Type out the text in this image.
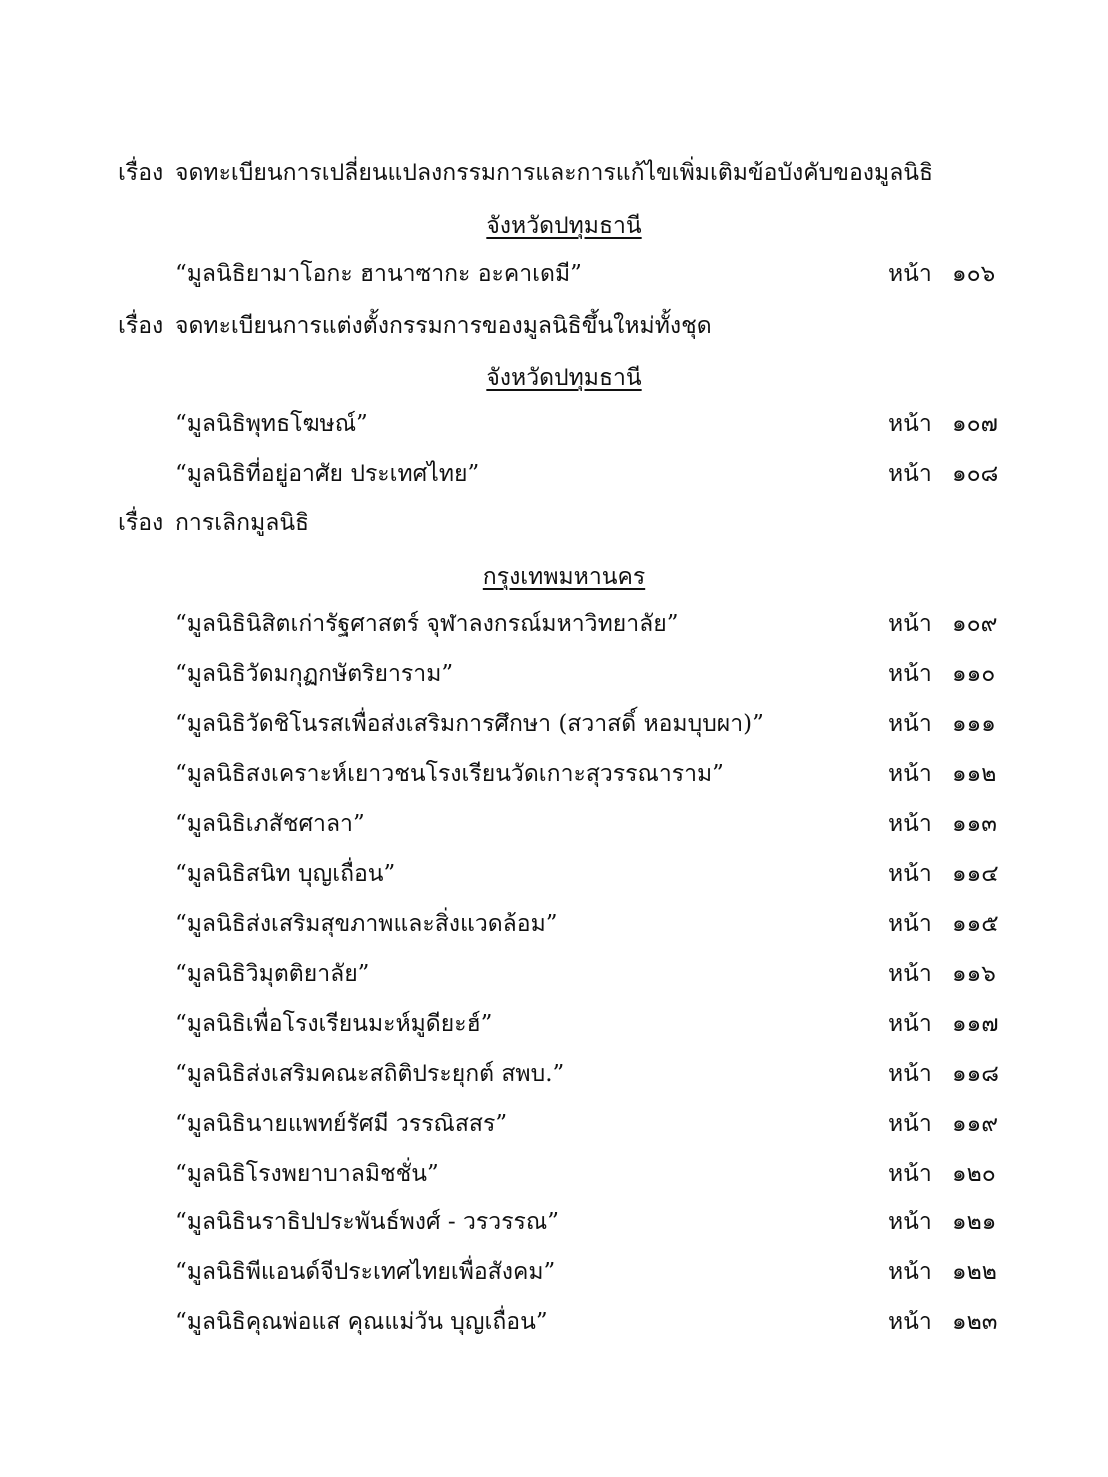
เรื่อง จดทะเบียนการเปลี่ยนแปลงกรรมการและการแก้ไขเพิ่มเติมข้อบังคับของมูลนิธิ
จังหวัดปทุมธานี
“มูลนิธิยามาโอกะ ฮานาซากะ อะคาเดมี”	หน้า ๑๐๖
เรื่อง จดทะเบียนการแต่งตั้งกรรมการของมูลนิธิขึ้นใหม่ทั้งชุด
จังหวัดปทุมธานี
“มูลนิธิพุทธโฆษณ์”	หน้า ๑๐๗
“มูลนิธิที่อยู่อาศัย ประเทศไทย”	หน้า ๑๐๘
เรื่อง การเลิกมูลนิธิ
กรุงเทพมหานคร
“มูลนิธินิสิตเก่ารัฐศาสตร์ จุฬาลงกรณ์มหาวิทยาลัย”	หน้า ๑๐๙
“มูลนิธิวัดมกุฏกษัตริยาราม”	หน้า ๑๑๐
“มูลนิธิวัดชิโนรสเพื่อส่งเสริมการศึกษา (สวาสดิ์ หอมบุบผา)”	หน้า ๑๑๑
“มูลนิธิสงเคราะห์เยาวชนโรงเรียนวัดเกาะสุวรรณาราม”	หน้า ๑๑๒
“มูลนิธิเภสัชศาลา”	หน้า ๑๑๓
“มูลนิธิสนิท บุญเถื่อน”	หน้า ๑๑๔
“มูลนิธิส่งเสริมสุขภาพและสิ่งแวดล้อม”	หน้า ๑๑๕
“มูลนิธิวิมุตติยาลัย”	หน้า ๑๑๖
“มูลนิธิเพื่อโรงเรียนมะห์มูดียะฮ์”	หน้า ๑๑๗
“มูลนิธิส่งเสริมคณะสถิติประยุกต์ สพบ.”	หน้า ๑๑๘
“มูลนิธินายแพทย์รัศมี วรรณิสสร”	หน้า ๑๑๙
“มูลนิธิโรงพยาบาลมิชชั่น”	หน้า ๑๒๐
“มูลนิธินราธิปประพันธ์พงศ์ - วรวรรณ”	หน้า ๑๒๑
“มูลนิธิพีแอนด์จีประเทศไทยเพื่อสังคม”	หน้า ๑๒๒
“มูลนิธิคุณพ่อแส คุณแม่วัน บุญเถื่อน”	หน้า ๑๒๓
